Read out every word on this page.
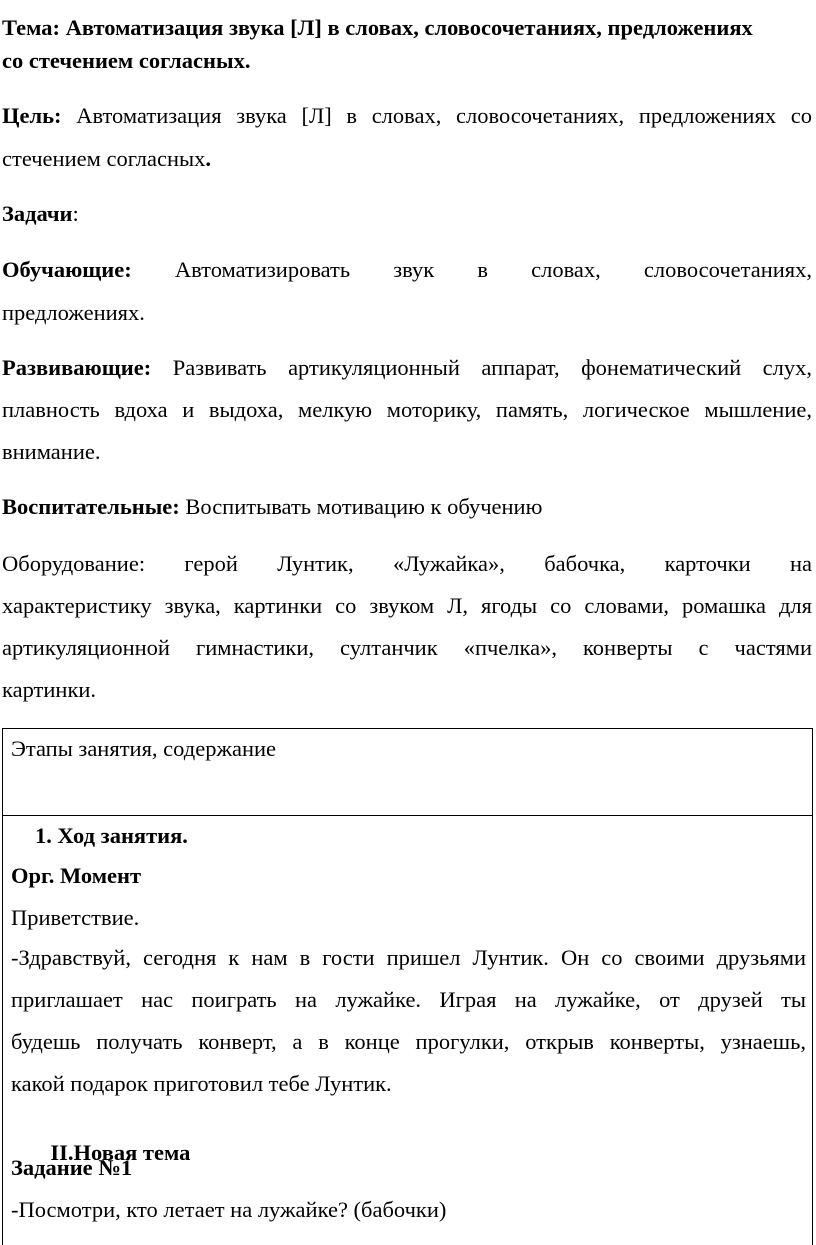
Тема: Автоматизация звука [Л] в словах, словосочетаниях, предложениях
со стечением согласных.
Цель: Автоматизация звука [Л] в словах, словосочетаниях, предложениях со
стечением согласных.
Задачи:
Обучающие: Автоматизировать звук в словах, словосочетаниях,
предложениях.
Развивающие: Развивать артикуляционный аппарат, фонематический слух,
плавность вдоха и выдоха, мелкую моторику, память, логическое мышление,
внимание.
Воспитательные: Воспитывать мотивацию к обучению
Оборудование: герой Лунтик, «Лужайка», бабочка, карточки на
характеристику звука, картинки со звуком Л, ягоды со словами, ромашка для
артикуляционной гимнастики, султанчик «пчелка», конверты с частями
картинки.
Этапы занятия, содержание
1. Ход занятия.
Орг. Момент
Приветствие.
-Здравствуй, сегодня к нам в гости пришел Лунтик. Он со своими друзьями
приглашает нас поиграть на лужайке. Играя на лужайке, от друзей ты
будешь получать конверт, а в конце прогулки, открыв конверты, узнаешь,
какой подарок приготовил тебе Лунтик.

II.Новая тема

Задание №1
-Посмотри, кто летает на лужайке? (бабочки)
